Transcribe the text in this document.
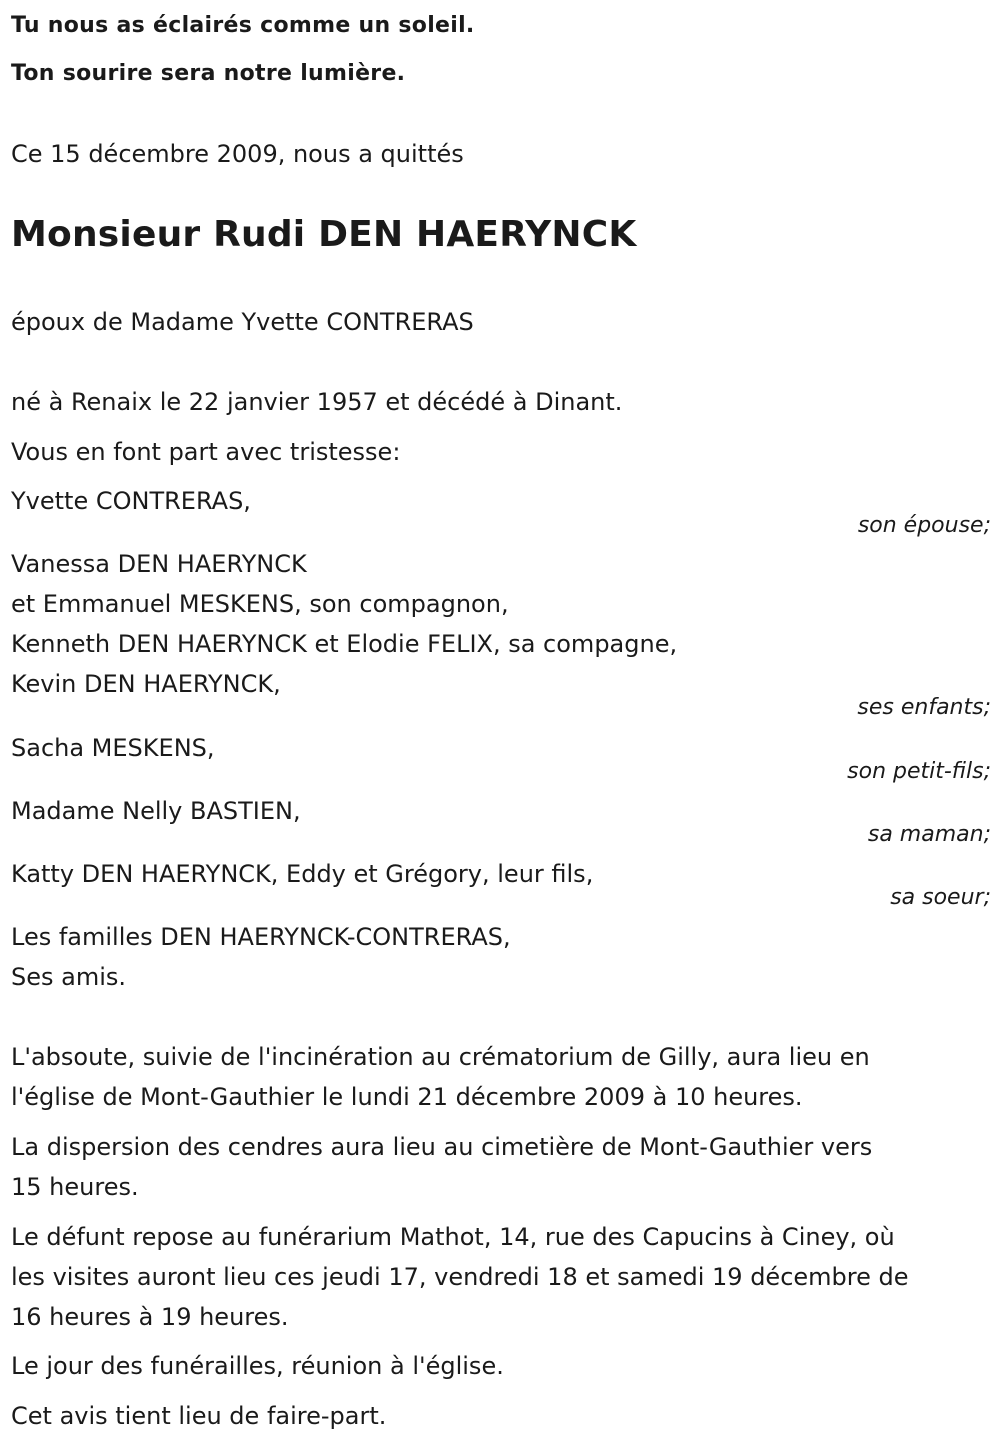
Tu nous as éclairés comme un soleil.
Ton sourire sera notre lumière.
Ce 15 décembre 2009, nous a quittés
Monsieur Rudi DEN HAERYNCK
époux de Madame Yvette CONTRERAS
né à Renaix le 22 janvier 1957 et décédé à Dinant.
Vous en font part avec tristesse:
Yvette CONTRERAS,
son épouse;
Vanessa DEN HAERYNCK
et Emmanuel MESKENS, son compagnon,
Kenneth DEN HAERYNCK et Elodie FELIX, sa compagne,
Kevin DEN HAERYNCK,
ses enfants;
Sacha MESKENS,
son petit-fils;
Madame Nelly BASTIEN,
sa maman;
Katty DEN HAERYNCK, Eddy et Grégory, leur fils,
sa soeur;
Les familles DEN HAERYNCK-CONTRERAS,
Ses amis.
L'absoute, suivie de l'incinération au crématorium de Gilly, aura lieu en
l'église de Mont-Gauthier le lundi 21 décembre 2009 à 10 heures.
La dispersion des cendres aura lieu au cimetière de Mont-Gauthier vers
15 heures.
Le défunt repose au funérarium Mathot, 14, rue des Capucins à Ciney, où
les visites auront lieu ces jeudi 17, vendredi 18 et samedi 19 décembre de
16 heures à 19 heures.
Le jour des funérailles, réunion à l'église.
Cet avis tient lieu de faire-part.
